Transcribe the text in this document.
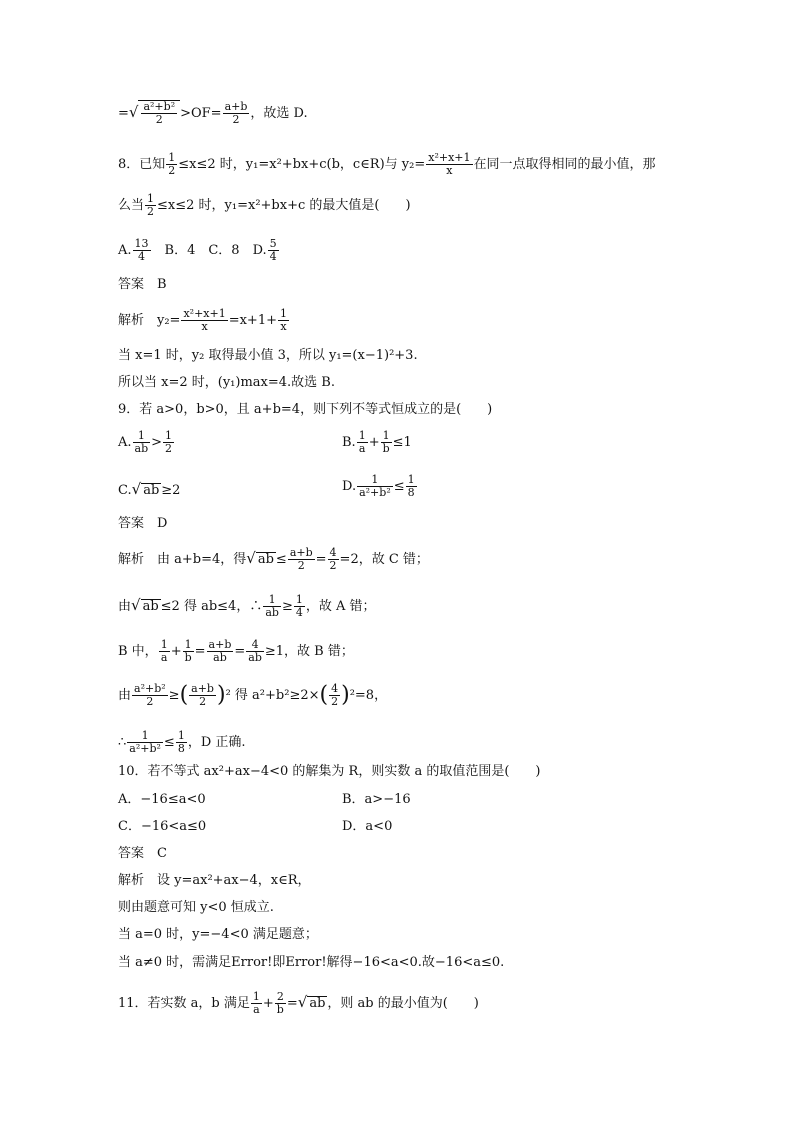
=√ $\frac{\text{a²+b²}}{2} >OF= \frac{a+b}{2}$ ，故选 D.
8．已知 $\frac{1}{2} \le x\le 2$ 时，y₁=x²+bx+c(b，c∈R)与 $y_2= \frac{\text{x²+x+1}}{x}$ 在同一点取得相同的最小值，那
么当 $\frac{1}{2} \le x\le 2$ 时，y₁=x²+bx+c 的最大值是(　　)
A. $\frac{13}{4}$ 　B．4　C．8　D. $\frac{5}{4}$
答案　B
解析　$y_2= \frac{\text{x²+x+1}}{x} =x+1+ \frac{1}{x}$
当 x=1 时，y₂ 取得最小值 3，所以 y₁=(x−1)²+3.
所以当 x=2 时，(y₁)max=4.故选 B.
9．若 a>0，b>0，且 a+b=4，则下列不等式恒成立的是(　　)
A. $\frac{1}{ab} > \frac{1}{2}$	B. $\frac{1}{a} + \frac{1}{b} \le 1$
C.√ ab ≥2	D. $\frac{1}{\text{a²+b²}} \le \frac{1}{8}$
答案　D
解析　由 a+b=4，得√ ab ≤ $\frac{a+b}{2} = \frac{4}{2} =2$，故 C 错；
由√ ab ≤2 得 ab≤4，∴ $\frac{1}{ab} \ge \frac{1}{4}$ ，故 A 错；
B 中， $\frac{1}{a} + \frac{1}{b} = \frac{a+b}{ab} = \frac{4}{ab} \ge 1$，故 B 错；
由 $\frac{\text{a²+b²}}{2}$ ≥( $\frac{a+b}{2} )^2$ 得 $a^2+b^2\ge 2\times( \frac{4}{2} )^2=8$，
∴ $\frac{1}{\text{a²+b²}} \le \frac{1}{8}$ ，D 正确.
10．若不等式 ax²+ax−4<0 的解集为 R，则实数 a 的取值范围是(　　)
A．−16≤a<0	B．a>−16
C．−16<a≤0	D．a<0
答案　C
解析　设 y=ax²+ax−4，x∈R，
则由题意可知 y<0 恒成立.
当 a=0 时，y=−4<0 满足题意；
当 a≠0 时，需满足Error!即Error!解得−16<a<0.故−16<a≤0.
11．若实数 a，b 满足 $\frac{1}{a} + \frac{2}{b}$ =√ ab ，则 ab 的最小值为(　　)
